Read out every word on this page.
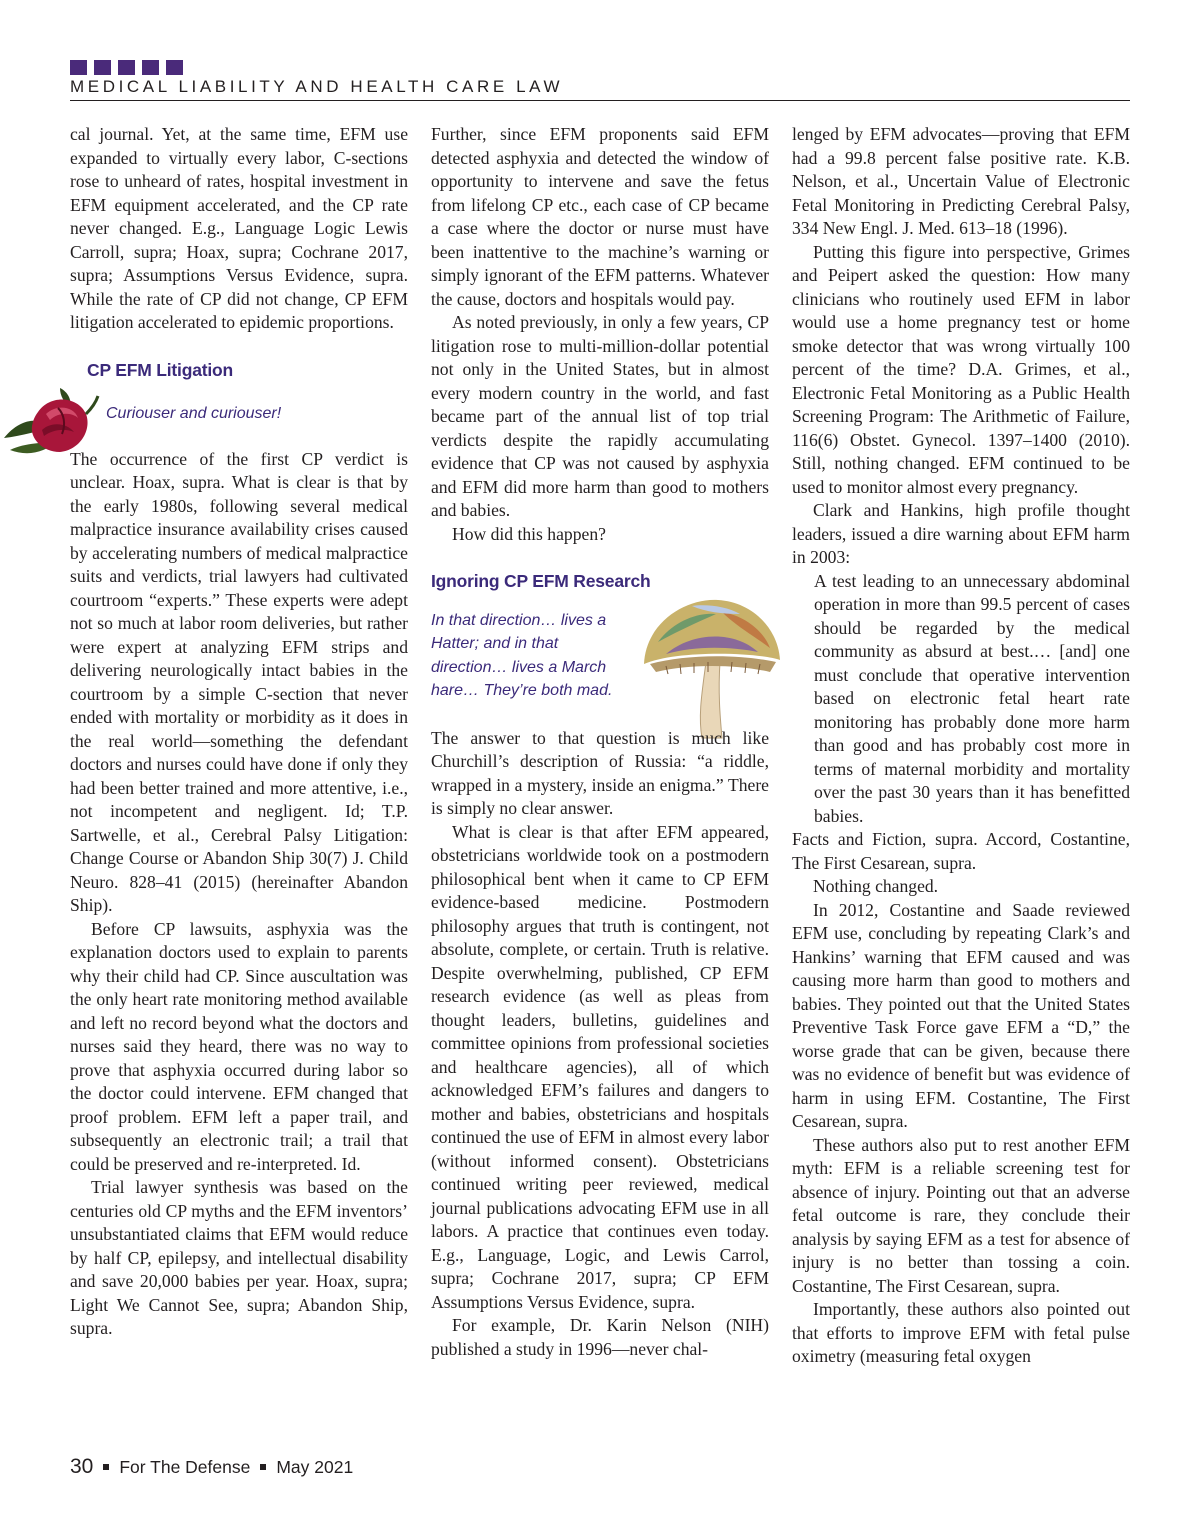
MEDICAL LIABILITY AND HEALTH CARE LAW

cal journal. Yet, at the same time, EFM use expanded to virtually every labor, C-sections rose to unheard of rates, hospital investment in EFM equipment accelerated, and the CP rate never changed. E.g., Language Logic Lewis Carroll, supra; Hoax, supra; Cochrane 2017, supra; Assumptions Versus Evidence, supra. While the rate of CP did not change, CP EFM litigation accelerated to epidemic proportions.

CP EFM Litigation

Curiouser and curiouser!

The occurrence of the first CP verdict is unclear. Hoax, supra. What is clear is that by the early 1980s, following several medical malpractice insurance availability crises caused by accelerating numbers of medical malpractice suits and verdicts, trial lawyers had cultivated courtroom “experts.” These experts were adept not so much at labor room deliveries, but rather were expert at analyzing EFM strips and delivering neurologically intact babies in the courtroom by a simple C-section that never ended with mortality or morbidity as it does in the real world—something the defendant doctors and nurses could have done if only they had been better trained and more attentive, i.e., not incompetent and negligent. Id; T.P. Sartwelle, et al., Cerebral Palsy Litigation: Change Course or Abandon Ship 30(7) J. Child Neuro. 828–41 (2015) (hereinafter Abandon Ship).

Before CP lawsuits, asphyxia was the explanation doctors used to explain to parents why their child had CP. Since auscultation was the only heart rate monitoring method available and left no record beyond what the doctors and nurses said they heard, there was no way to prove that asphyxia occurred during labor so the doctor could intervene. EFM changed that proof problem. EFM left a paper trail, and subsequently an electronic trail; a trail that could be preserved and re-interpreted. Id.

Trial lawyer synthesis was based on the centuries old CP myths and the EFM inventors’ unsubstantiated claims that EFM would reduce by half CP, epilepsy, and intellectual disability and save 20,000 babies per year. Hoax, supra; Light We Cannot See, supra; Abandon Ship, supra.

Further, since EFM proponents said EFM detected asphyxia and detected the window of opportunity to intervene and save the fetus from lifelong CP etc., each case of CP became a case where the doctor or nurse must have been inattentive to the machine’s warning or simply ignorant of the EFM patterns. Whatever the cause, doctors and hospitals would pay.

As noted previously, in only a few years, CP litigation rose to multi-million-dollar potential not only in the United States, but in almost every modern country in the world, and fast became part of the annual list of top trial verdicts despite the rapidly accumulating evidence that CP was not caused by asphyxia and EFM did more harm than good to mothers and babies.

How did this happen?

Ignoring CP EFM Research

In that direction… lives a Hatter; and in that direction… lives a March hare… They’re both mad.

The answer to that question is much like Churchill’s description of Russia: “a riddle, wrapped in a mystery, inside an enigma.” There is simply no clear answer.

What is clear is that after EFM appeared, obstetricians worldwide took on a postmodern philosophical bent when it came to CP EFM evidence-based medicine. Postmodern philosophy argues that truth is contingent, not absolute, complete, or certain. Truth is relative. Despite overwhelming, published, CP EFM research evidence (as well as pleas from thought leaders, bulletins, guidelines and committee opinions from professional societies and healthcare agencies), all of which acknowledged EFM’s failures and dangers to mother and babies, obstetricians and hospitals continued the use of EFM in almost every labor (without informed consent). Obstetricians continued writing peer reviewed, medical journal publications advocating EFM use in all labors. A practice that continues even today. E.g., Language, Logic, and Lewis Carrol, supra; Cochrane 2017, supra; CP EFM Assumptions Versus Evidence, supra.

For example, Dr. Karin Nelson (NIH) published a study in 1996—never chal-

lenged by EFM advocates—proving that EFM had a 99.8 percent false positive rate. K.B. Nelson, et al., Uncertain Value of Electronic Fetal Monitoring in Predicting Cerebral Palsy, 334 New Engl. J. Med. 613–18 (1996).

Putting this figure into perspective, Grimes and Peipert asked the question: How many clinicians who routinely used EFM in labor would use a home pregnancy test or home smoke detector that was wrong virtually 100 percent of the time? D.A. Grimes, et al., Electronic Fetal Monitoring as a Public Health Screening Program: The Arithmetic of Failure, 116(6) Obstet. Gynecol. 1397–1400 (2010). Still, nothing changed. EFM continued to be used to monitor almost every pregnancy.

Clark and Hankins, high profile thought leaders, issued a dire warning about EFM harm in 2003:

A test leading to an unnecessary abdominal operation in more than 99.5 percent of cases should be regarded by the medical community as absurd at best.… [and] one must conclude that operative intervention based on electronic fetal heart rate monitoring has probably done more harm than good and has probably cost more in terms of maternal morbidity and mortality over the past 30 years than it has benefitted babies.

Facts and Fiction, supra. Accord, Costantine, The First Cesarean, supra.

Nothing changed.

In 2012, Costantine and Saade reviewed EFM use, concluding by repeating Clark’s and Hankins’ warning that EFM caused and was causing more harm than good to mothers and babies. They pointed out that the United States Preventive Task Force gave EFM a “D,” the worse grade that can be given, because there was no evidence of benefit but was evidence of harm in using EFM. Costantine, The First Cesarean, supra.

These authors also put to rest another EFM myth: EFM is a reliable screening test for absence of injury. Pointing out that an adverse fetal outcome is rare, they conclude their analysis by saying EFM as a test for absence of injury is no better than tossing a coin. Costantine, The First Cesarean, supra.

Importantly, these authors also pointed out that efforts to improve EFM with fetal pulse oximetry (measuring fetal oxygen

30 For The Defense May 2021
